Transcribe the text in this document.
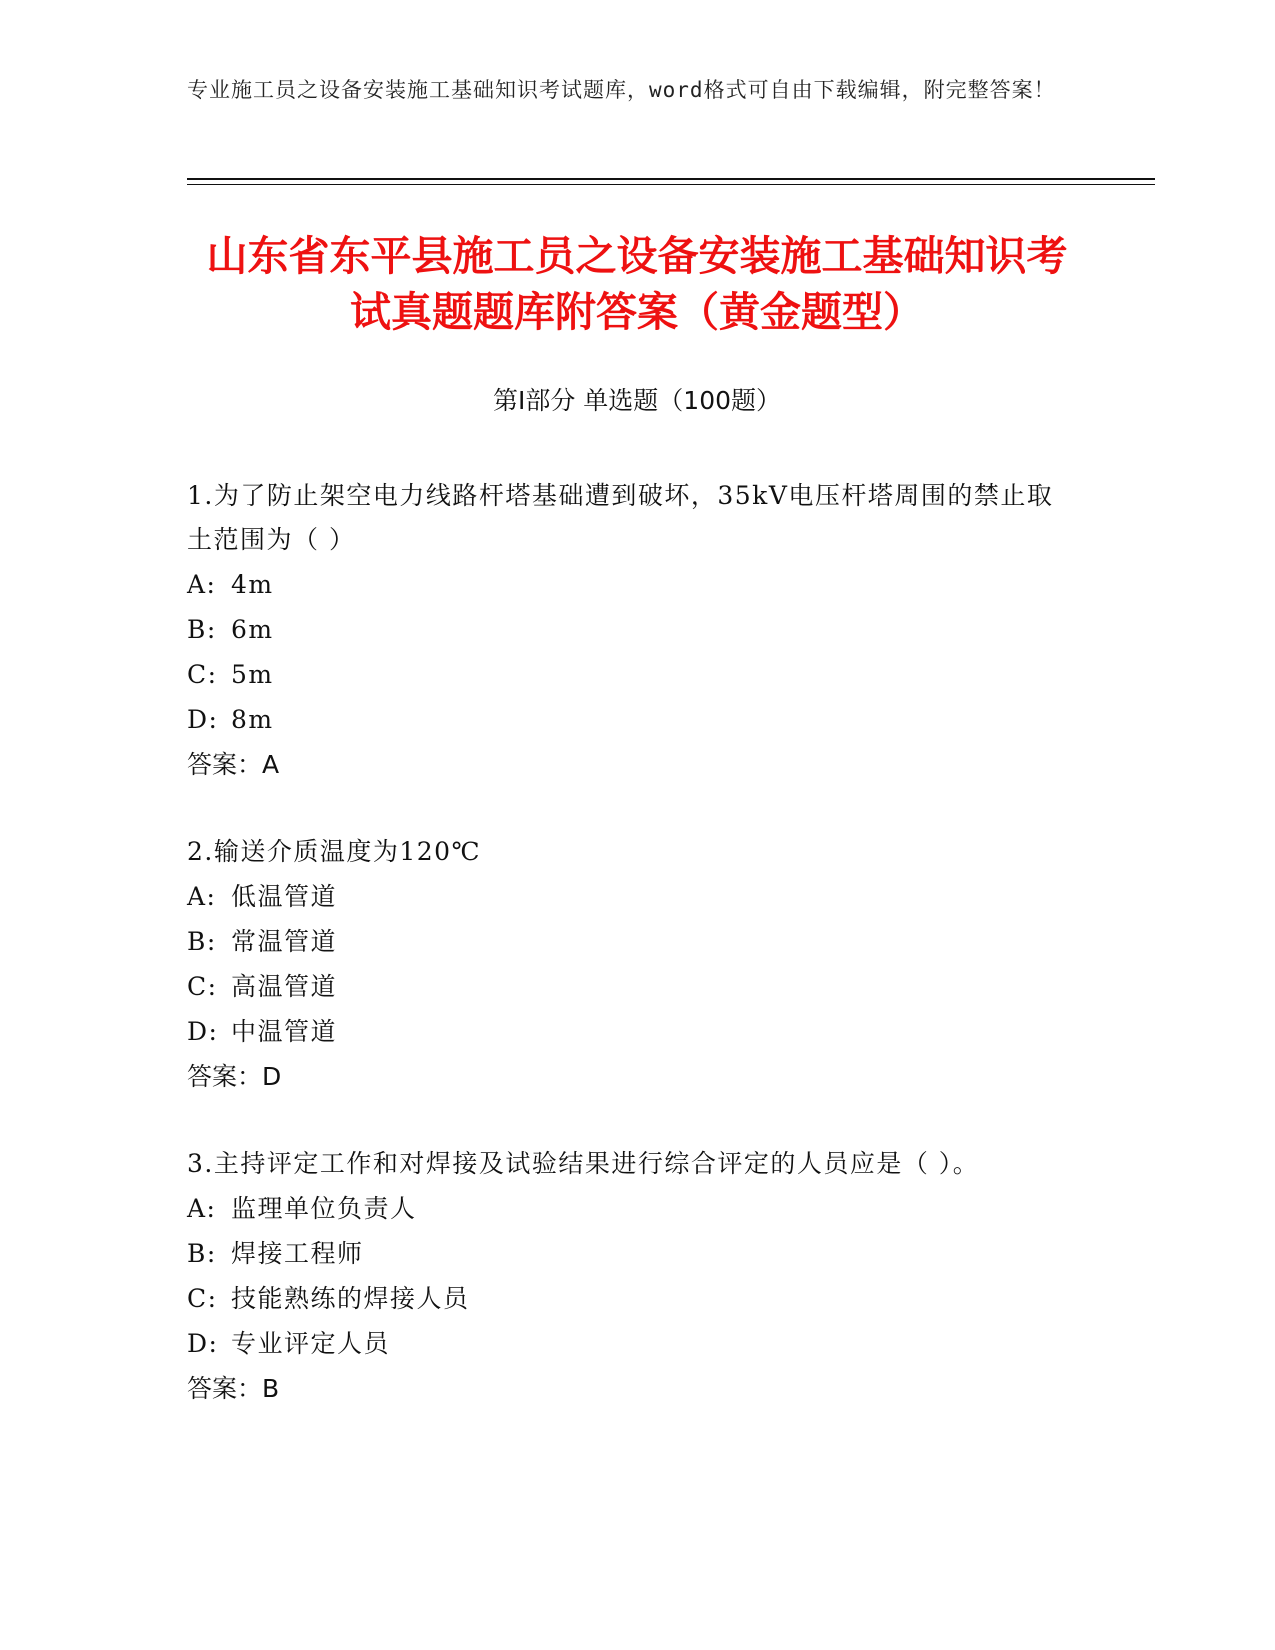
专业施工员之设备安装施工基础知识考试题库，word格式可自由下载编辑，附完整答案！
山东省东平县施工员之设备安装施工基础知识考试真题题库附答案（黄金题型）
第Ⅰ部分 单选题（100题）
1.为了防止架空电力线路杆塔基础遭到破坏，35kV电压杆塔周围的禁止取土范围为（ ）
A: 4m
B: 6m
C: 5m
D: 8m
答案：A
2.输送介质温度为120℃
A: 低温管道
B: 常温管道
C: 高温管道
D: 中温管道
答案：D
3.主持评定工作和对焊接及试验结果进行综合评定的人员应是（ ）。
A: 监理单位负责人
B: 焊接工程师
C: 技能熟练的焊接人员
D: 专业评定人员
答案：B
